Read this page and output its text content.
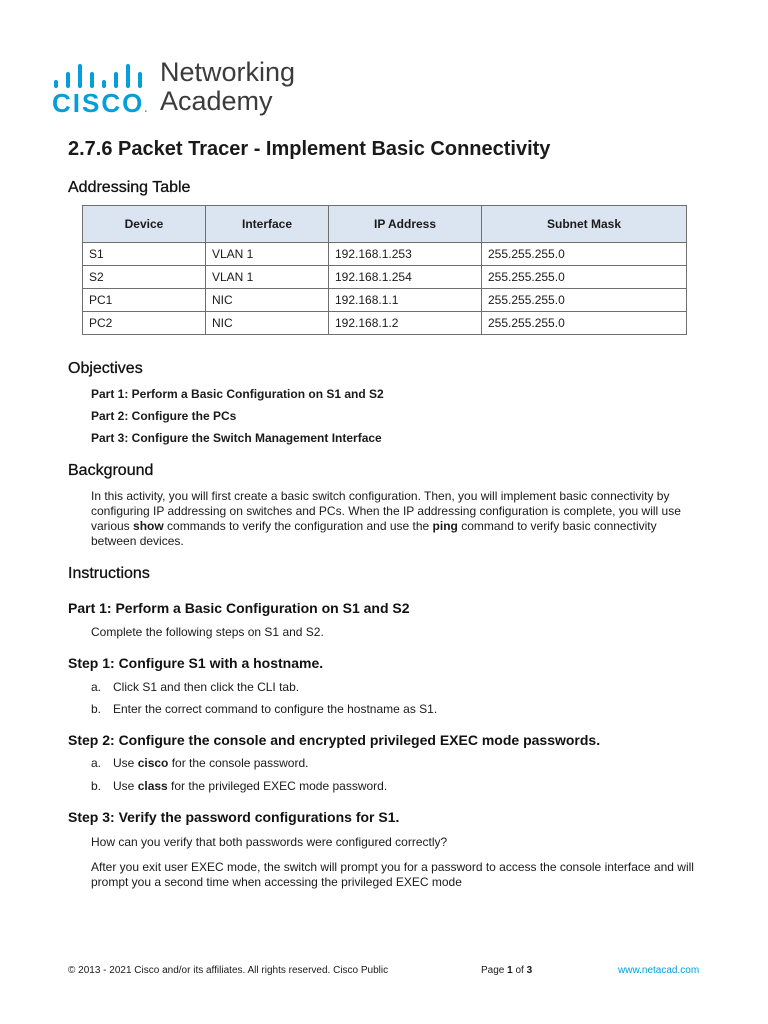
CISCO.
Networking
Academy
2.7.6 Packet Tracer - Implement Basic Connectivity
Addressing Table
Device	Interface	IP Address	Subnet Mask
S1	VLAN 1	192.168.1.253	255.255.255.0
S2	VLAN 1	192.168.1.254	255.255.255.0
PC1	NIC	192.168.1.1	255.255.255.0
PC2	NIC	192.168.1.2	255.255.255.0
Objectives

Part 1: Perform a Basic Configuration on S1 and S2

Part 2: Configure the PCs

Part 3: Configure the Switch Management Interface

Background

In this activity, you will first create a basic switch configuration. Then, you will implement basic connectivity by configuring IP addressing on switches and PCs. When the IP addressing configuration is complete, you will use various show commands to verify the configuration and use the ping command to verify basic connectivity between devices.

Instructions
Part 1: Perform a Basic Configuration on S1 and S2

Complete the following steps on S1 and S2.

Step 1: Configure S1 with a hostname.

a. Click S1 and then click the CLI tab.

b. Enter the correct command to configure the hostname as S1.

Step 2: Configure the console and encrypted privileged EXEC mode passwords.

a. Use cisco for the console password.

b. Use class for the privileged EXEC mode password.

Step 3: Verify the password configurations for S1.

How can you verify that both passwords were configured correctly?

After you exit user EXEC mode, the switch will prompt you for a password to access the console interface and will prompt you a second time when accessing the privileged EXEC mode

© 2013 - 2021 Cisco and/or its affiliates. All rights reserved. Cisco Public	Page 1 of 3	www.netacad.com
